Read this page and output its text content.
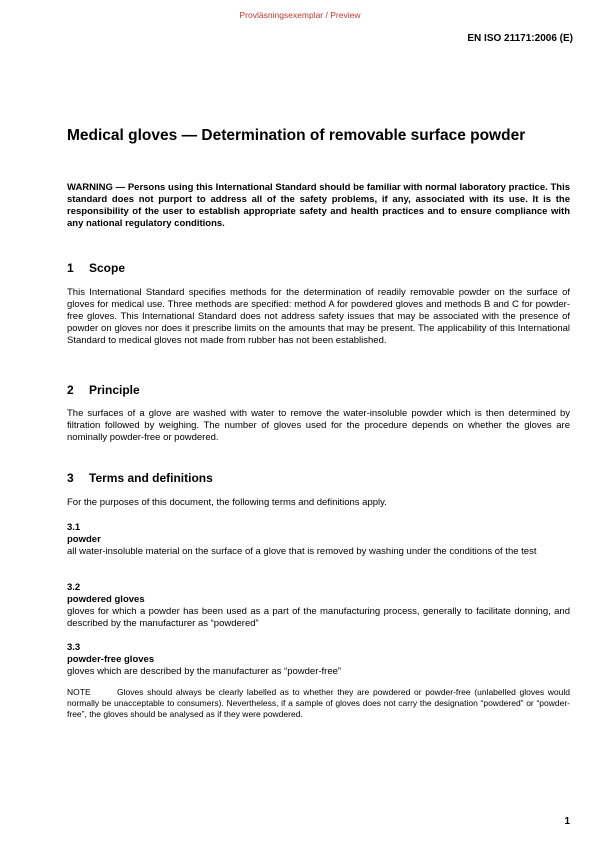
Provläsningsexemplar / Preview
EN ISO 21171:2006 (E)
Medical gloves — Determination of removable surface powder

WARNING — Persons using this International Standard should be familiar with normal laboratory practice. This standard does not purport to address all of the safety problems, if any, associated with its use. It is the responsibility of the user to establish appropriate safety and health practices and to ensure compliance with any national regulatory conditions.

1 Scope

This International Standard specifies methods for the determination of readily removable powder on the surface of gloves for medical use. Three methods are specified: method A for powdered gloves and methods B and C for powder-free gloves. This International Standard does not address safety issues that may be associated with the presence of powder on gloves nor does it prescribe limits on the amounts that may be present. The applicability of this International Standard to medical gloves not made from rubber has not been established.

2 Principle

The surfaces of a glove are washed with water to remove the water-insoluble powder which is then determined by filtration followed by weighing. The number of gloves used for the procedure depends on whether the gloves are nominally powder-free or powdered.

3 Terms and definitions

For the purposes of this document, the following terms and definitions apply.

3.1
powder
all water-insoluble material on the surface of a glove that is removed by washing under the conditions of the test
3.2
powdered gloves
gloves for which a powder has been used as a part of the manufacturing process, generally to facilitate donning, and described by the manufacturer as “powdered”
3.3
powder-free gloves
gloves which are described by the manufacturer as “powder-free”

NOTE	Gloves should always be clearly labelled as to whether they are powdered or powder-free (unlabelled gloves would normally be unacceptable to consumers). Nevertheless, if a sample of gloves does not carry the designation “powdered” or “powder-free”, the gloves should be analysed as if they were powdered.

1
